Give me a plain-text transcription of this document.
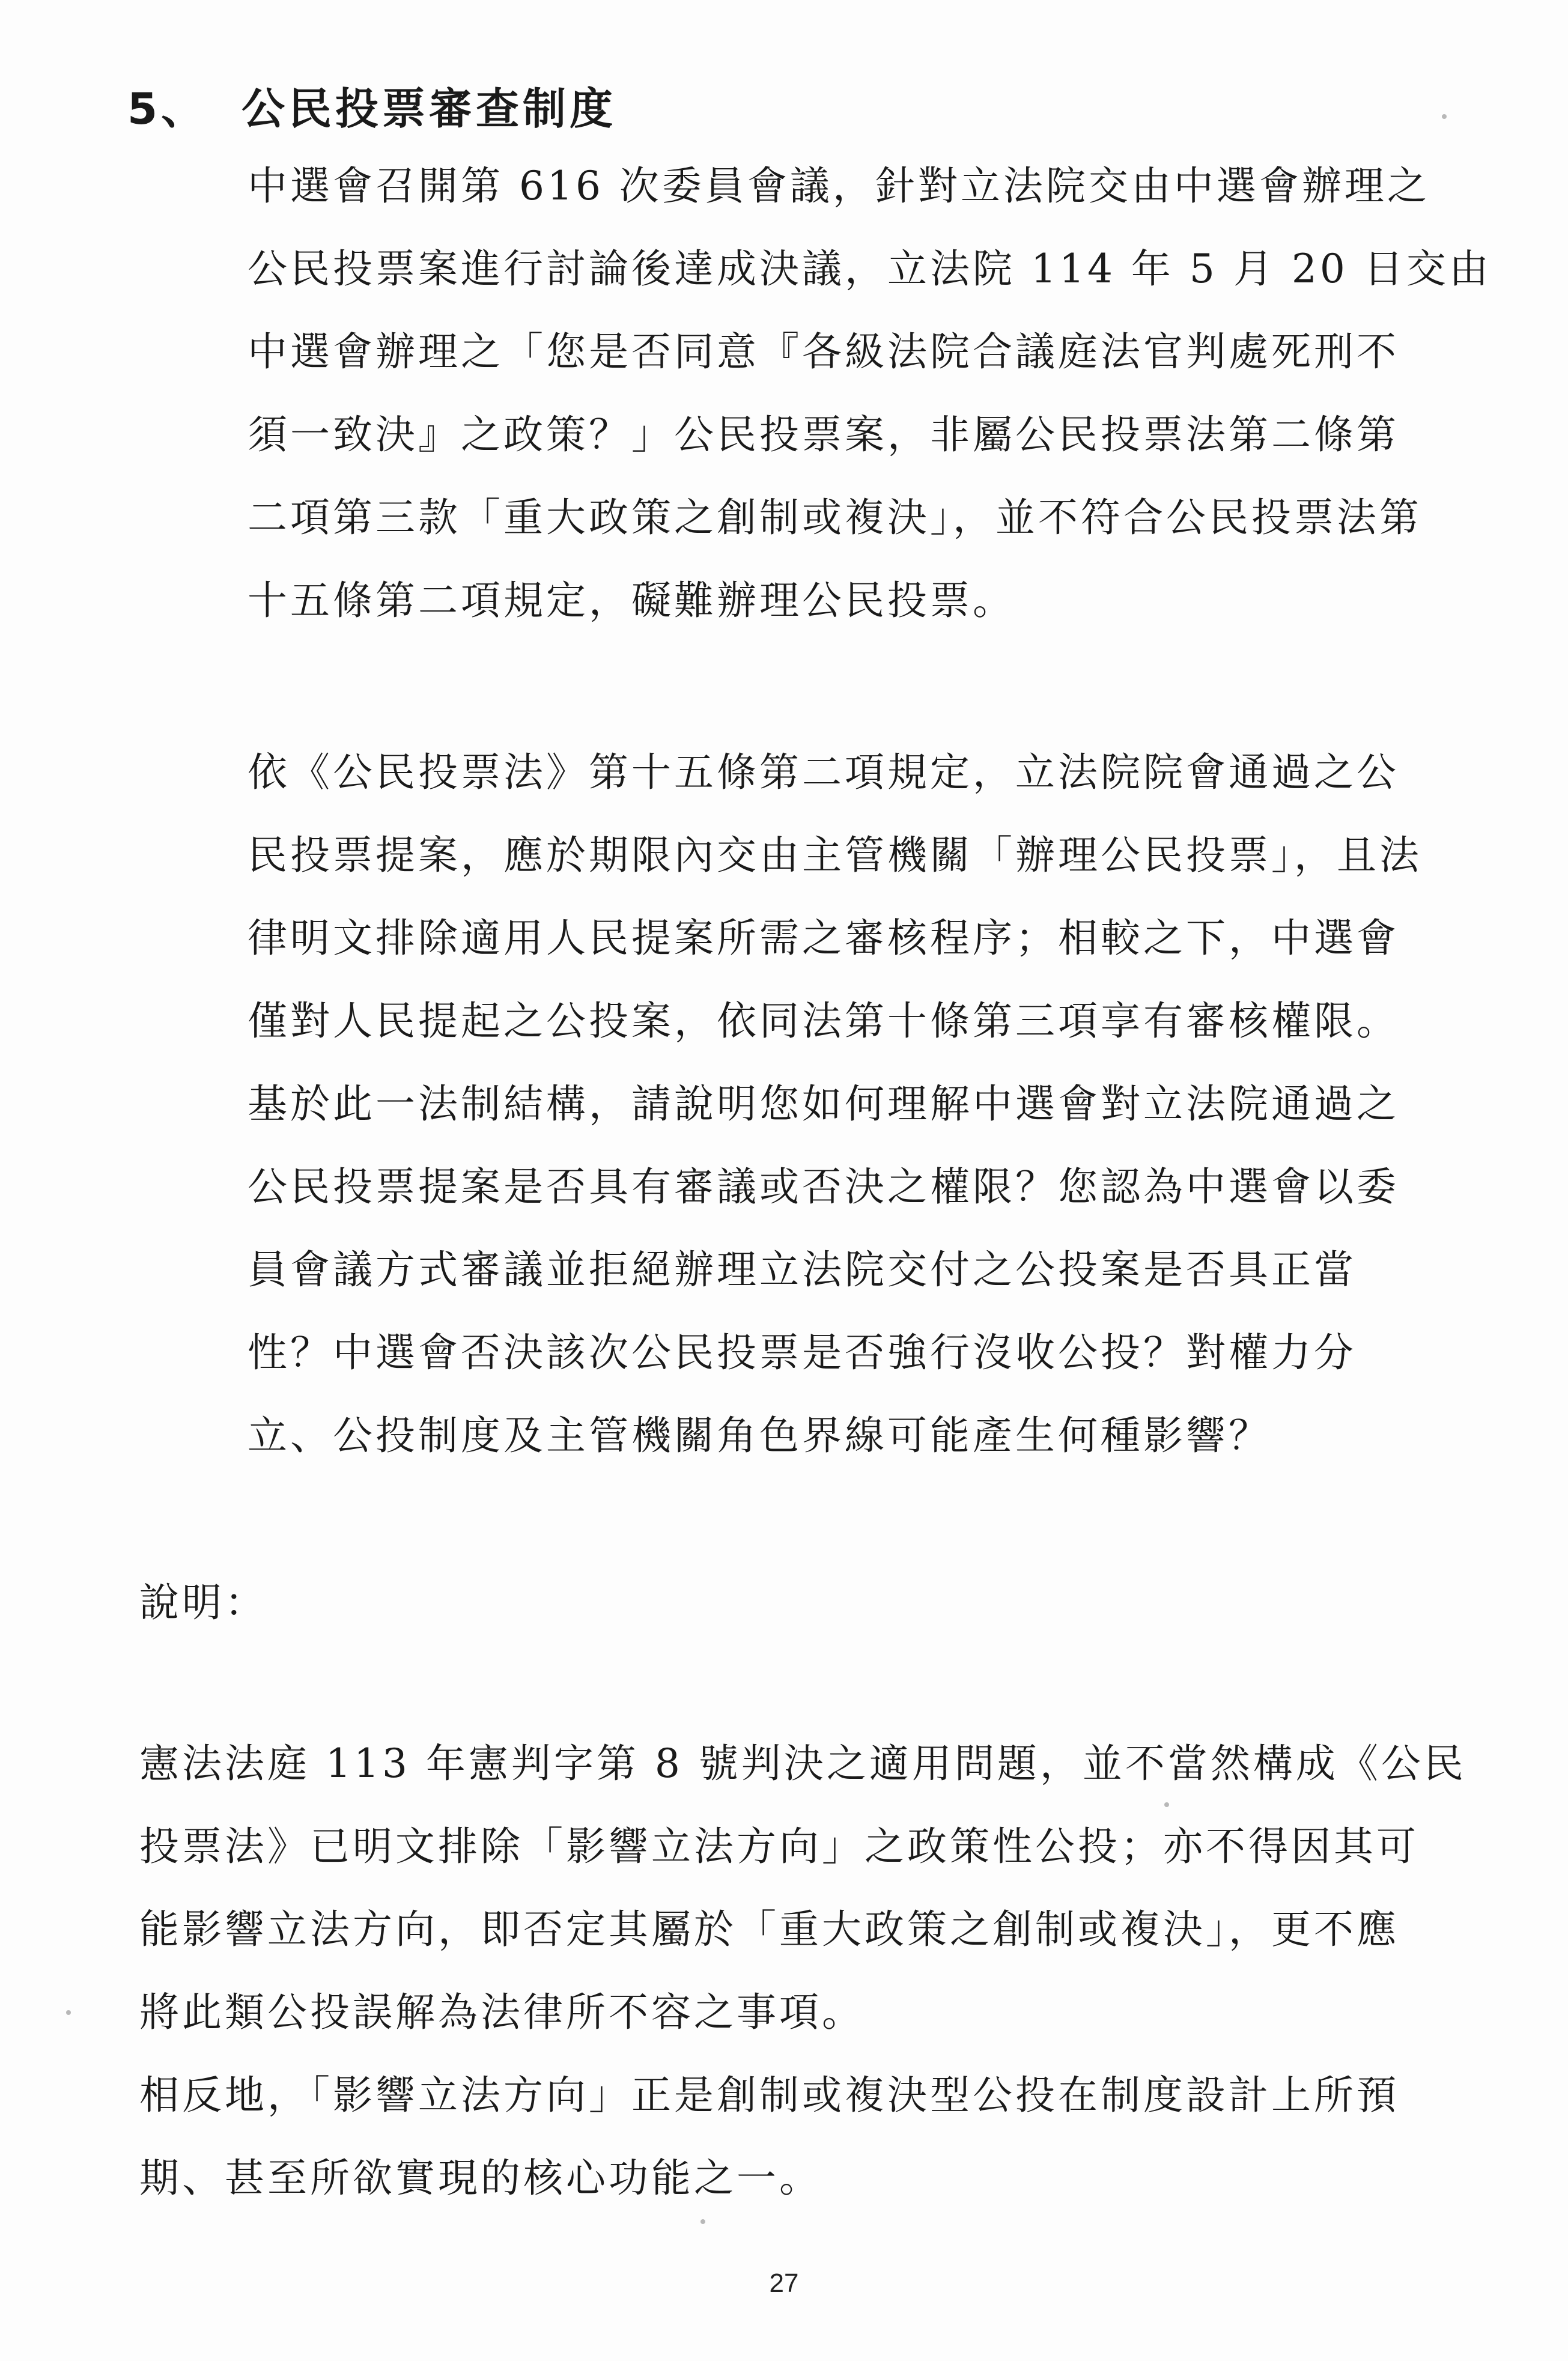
5、 公民投票審查制度
中選會召開第 616 次委員會議，針對立法院交由中選會辦理之
公民投票案進行討論後達成決議，立法院 114 年 5 月 20 日交由
中選會辦理之「您是否同意『各級法院合議庭法官判處死刑不
須一致決』之政策？」公民投票案，非屬公民投票法第二條第
二項第三款「重大政策之創制或複決」，並不符合公民投票法第
十五條第二項規定，礙難辦理公民投票。
依《公民投票法》第十五條第二項規定，立法院院會通過之公
民投票提案，應於期限內交由主管機關「辦理公民投票」，且法
律明文排除適用人民提案所需之審核程序；相較之下，中選會
僅對人民提起之公投案，依同法第十條第三項享有審核權限。
基於此一法制結構，請說明您如何理解中選會對立法院通過之
公民投票提案是否具有審議或否決之權限？您認為中選會以委
員會議方式審議並拒絕辦理立法院交付之公投案是否具正當
性？中選會否決該次公民投票是否強行沒收公投？對權力分
立、公投制度及主管機關角色界線可能產生何種影響？
說明：
憲法法庭 113 年憲判字第 8 號判決之適用問題，並不當然構成《公民
投票法》已明文排除「影響立法方向」之政策性公投；亦不得因其可
能影響立法方向，即否定其屬於「重大政策之創制或複決」，更不應
將此類公投誤解為法律所不容之事項。
相反地，「影響立法方向」正是創制或複決型公投在制度設計上所預
期、甚至所欲實現的核心功能之一。
27
